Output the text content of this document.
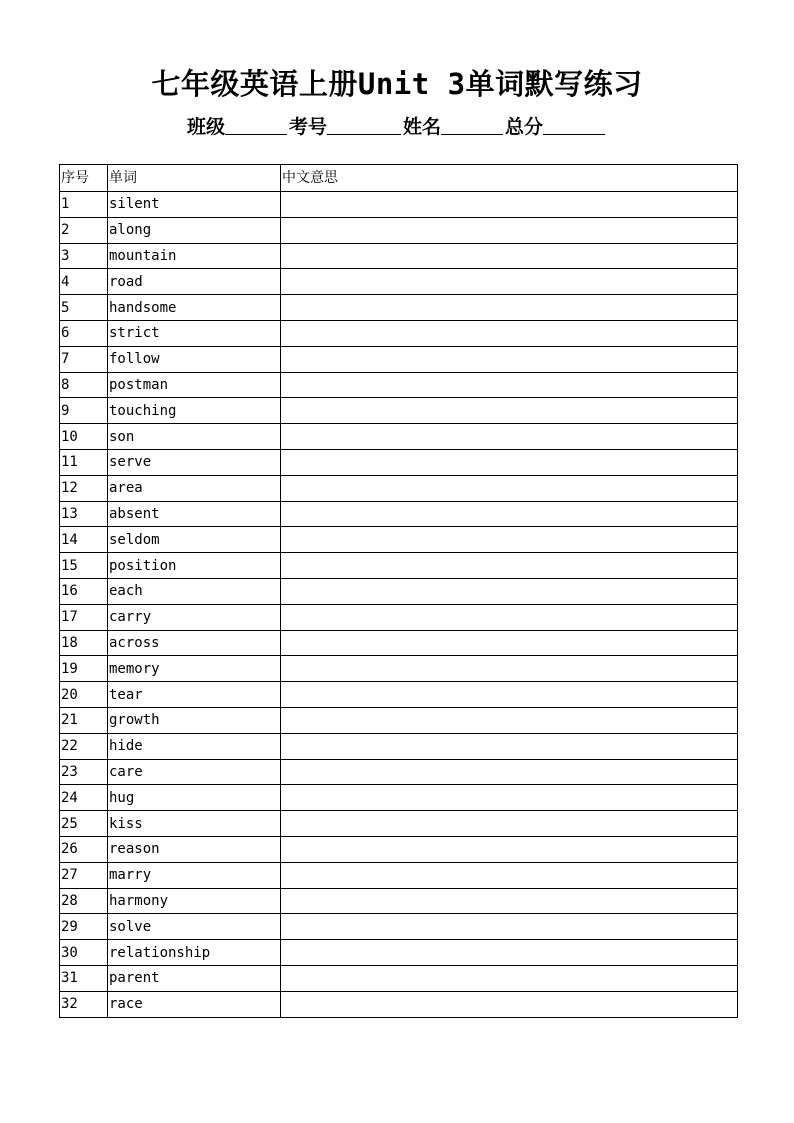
七年级英语上册Unit 3单词默写练习
班级	考号	姓名	总分
序号	单词	中文意思
1	silent	
2	along	
3	mountain	
4	road	
5	handsome	
6	strict	
7	follow	
8	postman	
9	touching	
10	son	
11	serve	
12	area	
13	absent	
14	seldom	
15	position	
16	each	
17	carry	
18	across	
19	memory	
20	tear	
21	growth	
22	hide	
23	care	
24	hug	
25	kiss	
26	reason	
27	marry	
28	harmony	
29	solve	
30	relationship	
31	parent	
32	race	
